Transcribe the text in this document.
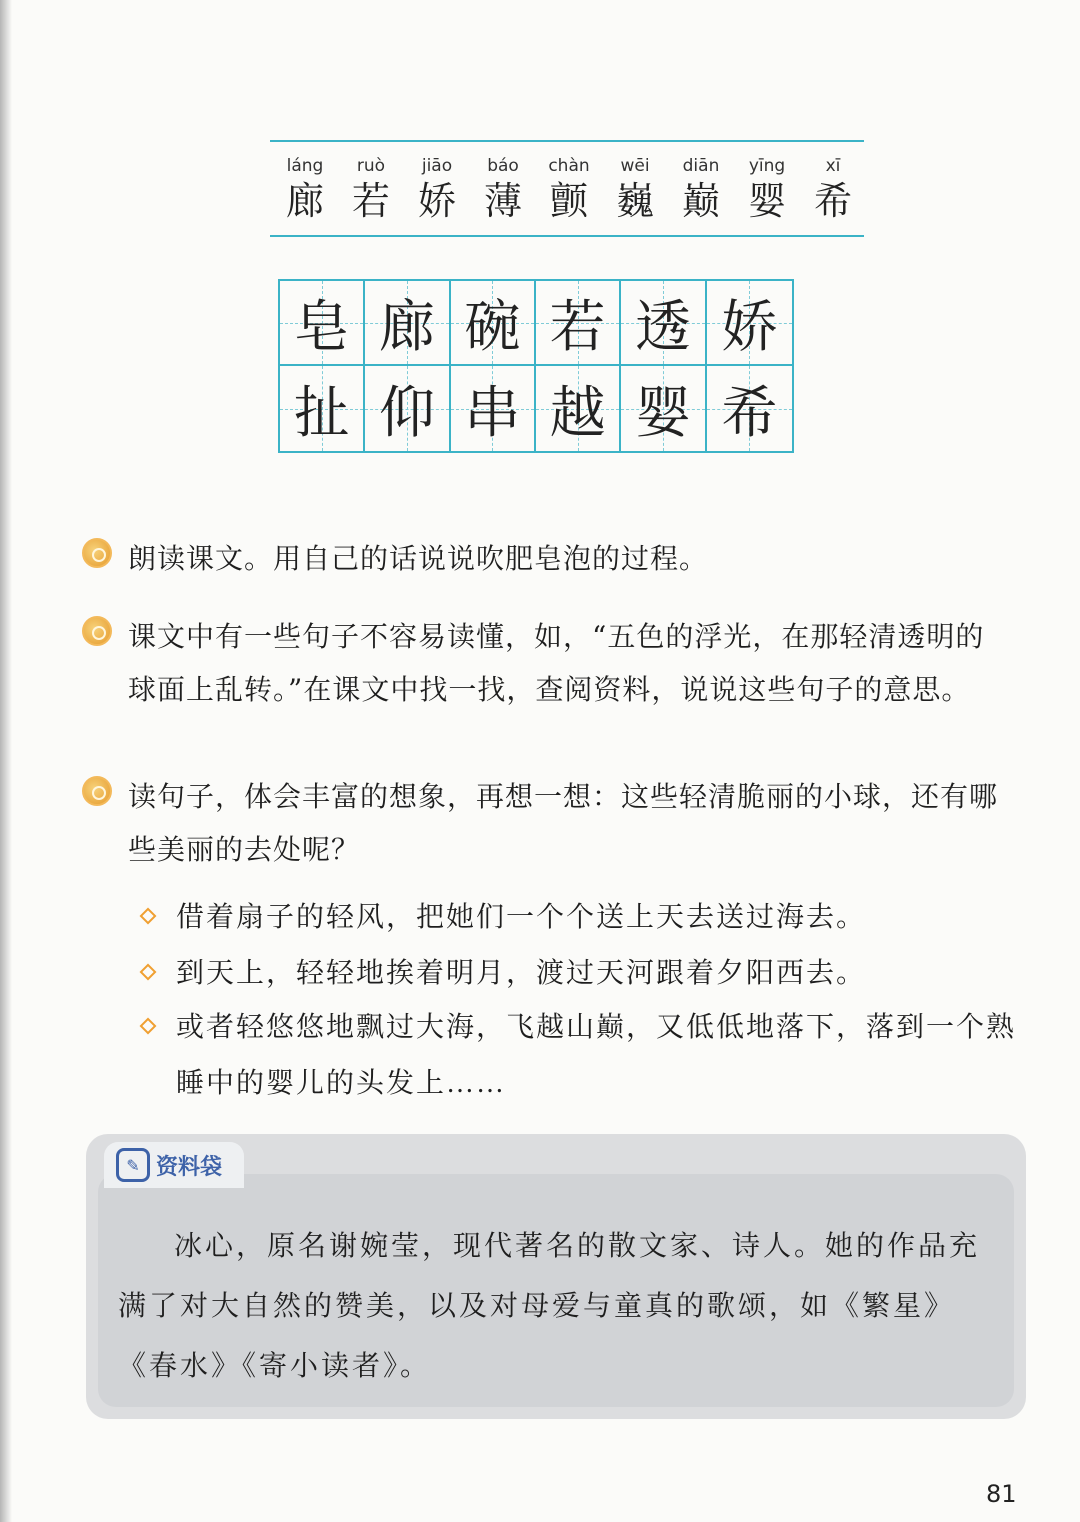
láng
廊
ruò
若
jiāo
娇
báo
薄
chàn
颤
wēi
巍
diān
巅
yīng
婴
xī
希
皂 廊 碗 若 透 娇
扯 仰 串 越 婴 希

朗读课文。用自己的话说说吹肥皂泡的过程。

课文中有一些句子不容易读懂，如，“五色的浮光，在那轻清透明的球面上乱转。”在课文中找一找，查阅资料，说说这些句子的意思。

读句子，体会丰富的想象，再想一想：这些轻清脆丽的小球，还有哪些美丽的去处呢？

借着扇子的轻风，把她们一个个送上天去送过海去。

到天上，轻轻地挨着明月，渡过天河跟着夕阳西去。

或者轻悠悠地飘过大海，飞越山巅，又低低地落下，落到一个熟睡中的婴儿的头发上……

✎ 资料袋

冰心，原名谢婉莹，现代著名的散文家、诗人。她的作品充满了对大自然的赞美，以及对母爱与童真的歌颂，如《繁星》《春水》《寄小读者》。

81
